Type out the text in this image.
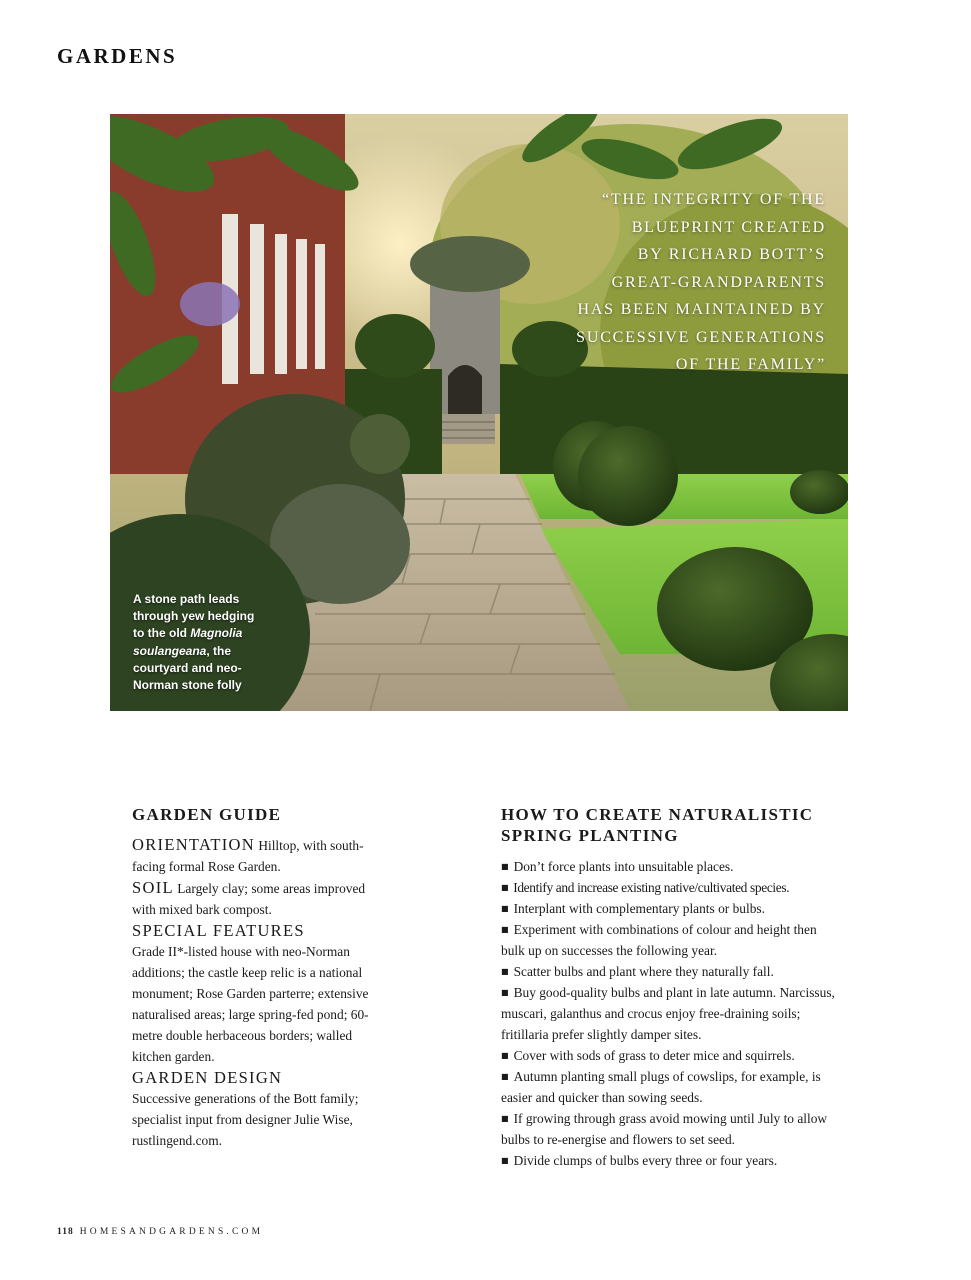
GARDENS
“THE INTEGRITY OF THE
BLUEPRINT CREATED
BY RICHARD BOTT’S
GREAT-GRANDPARENTS
HAS BEEN MAINTAINED BY
SUCCESSIVE GENERATIONS
OF THE FAMILY”
A stone path leads
through yew hedging
to the old Magnolia
soulangeana, the
courtyard and neo-
Norman stone folly
GARDEN GUIDE

ORIENTATION Hilltop, with south-facing formal Rose Garden.

SOIL Largely clay; some areas improved with mixed bark compost.

SPECIAL FEATURES

Grade II*-listed house with neo-Norman additions; the castle keep relic is a national monument; Rose Garden parterre; extensive naturalised areas; large spring-fed pond; 60-metre double herbaceous borders; walled kitchen garden.

GARDEN DESIGN

Successive generations of the Bott family; specialist input from designer Julie Wise, rustlingend.com.

HOW TO CREATE NATURALISTIC SPRING PLANTING
■ Don’t force plants into unsuitable places.
■ Identify and increase existing native/cultivated species.
■ Interplant with complementary plants or bulbs.
■ Experiment with combinations of colour and height then bulk up on successes the following year.
■ Scatter bulbs and plant where they naturally fall.
■ Buy good-quality bulbs and plant in late autumn. Narcissus, muscari, galanthus and crocus enjoy free-draining soils; fritillaria prefer slightly damper sites.
■ Cover with sods of grass to deter mice and squirrels.
■ Autumn planting small plugs of cowslips, for example, is easier and quicker than sowing seeds.
■ If growing through grass avoid mowing until July to allow bulbs to re-energise and flowers to set seed.
■ Divide clumps of bulbs every three or four years.
118 HOMESANDGARDENS.COM
